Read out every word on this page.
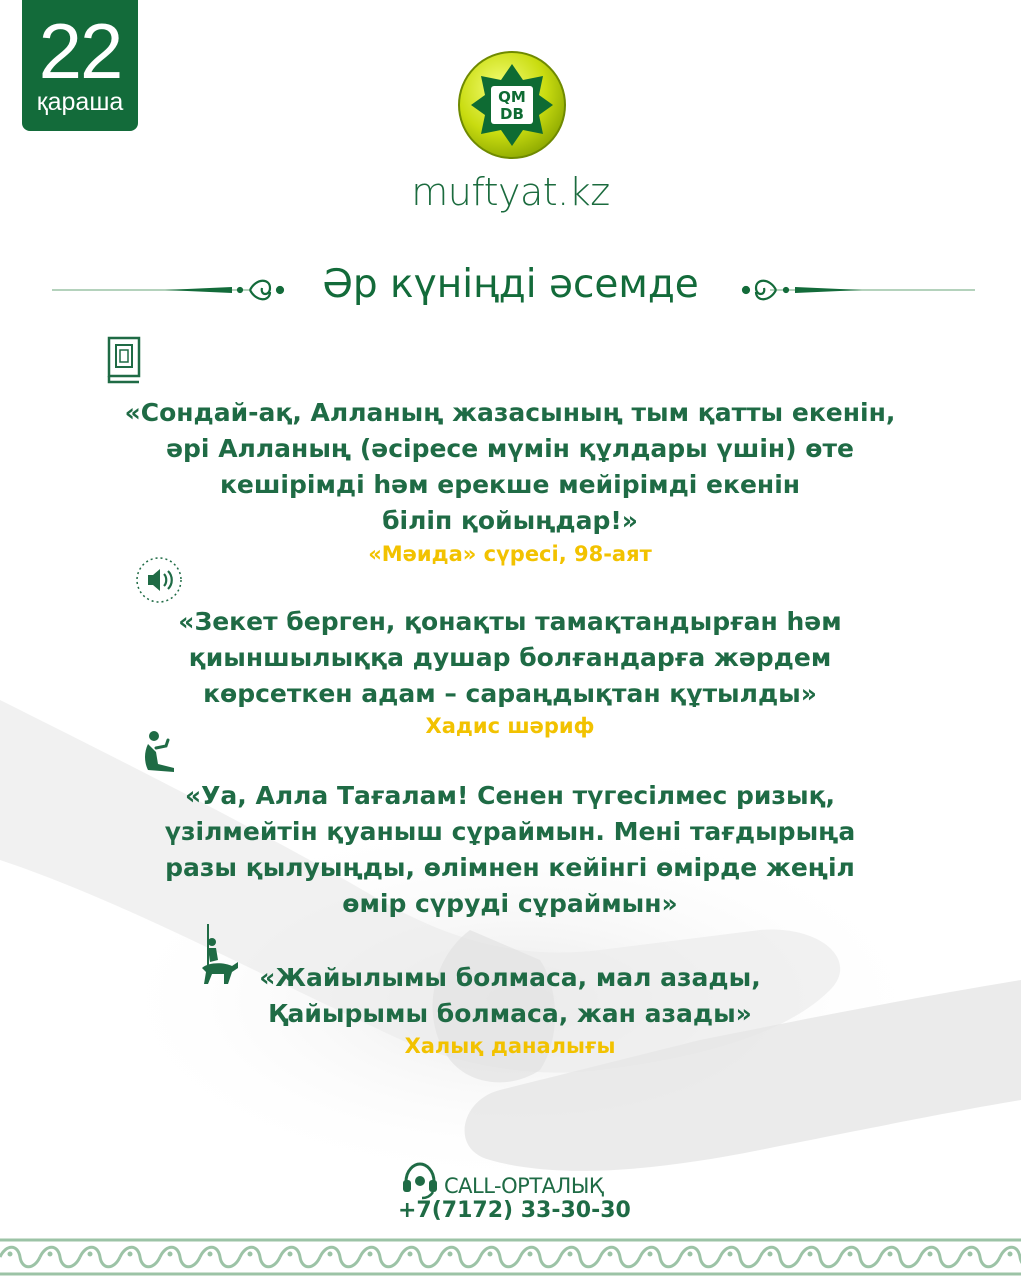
22
қараша	QM
DB
muftyat.kz
Әр күніңді әсемде
«Сондай-ақ, Алланың жазасының тым қатты екенін,
әрі Алланың (әсіресе мүмін құлдары үшін) өте
кешірімді һәм ерекше мейірімді екенін
біліп қойыңдар!»
«Мәида» сүресі, 98-аят
«Зекет берген, қонақты тамақтандырған һәм
қиыншылыққа душар болғандарға жәрдем
көрсеткен адам – сараңдықтан құтылды»
Хадис шәриф
«Уа, Алла Тағалам! Сенен түгесілмес ризық,
үзілмейтін қуаныш сұраймын. Мені тағдырыңа
разы қылуыңды, өлімнен кейінгі өмірде жеңіл
өмір сүруді сұраймын»
«Жайылымы болмаса, мал азады,
Қайырымы болмаса, жан азады»
Халық даналығы
CALL-ОРТАЛЫҚ
+7(7172) 33-30-30
